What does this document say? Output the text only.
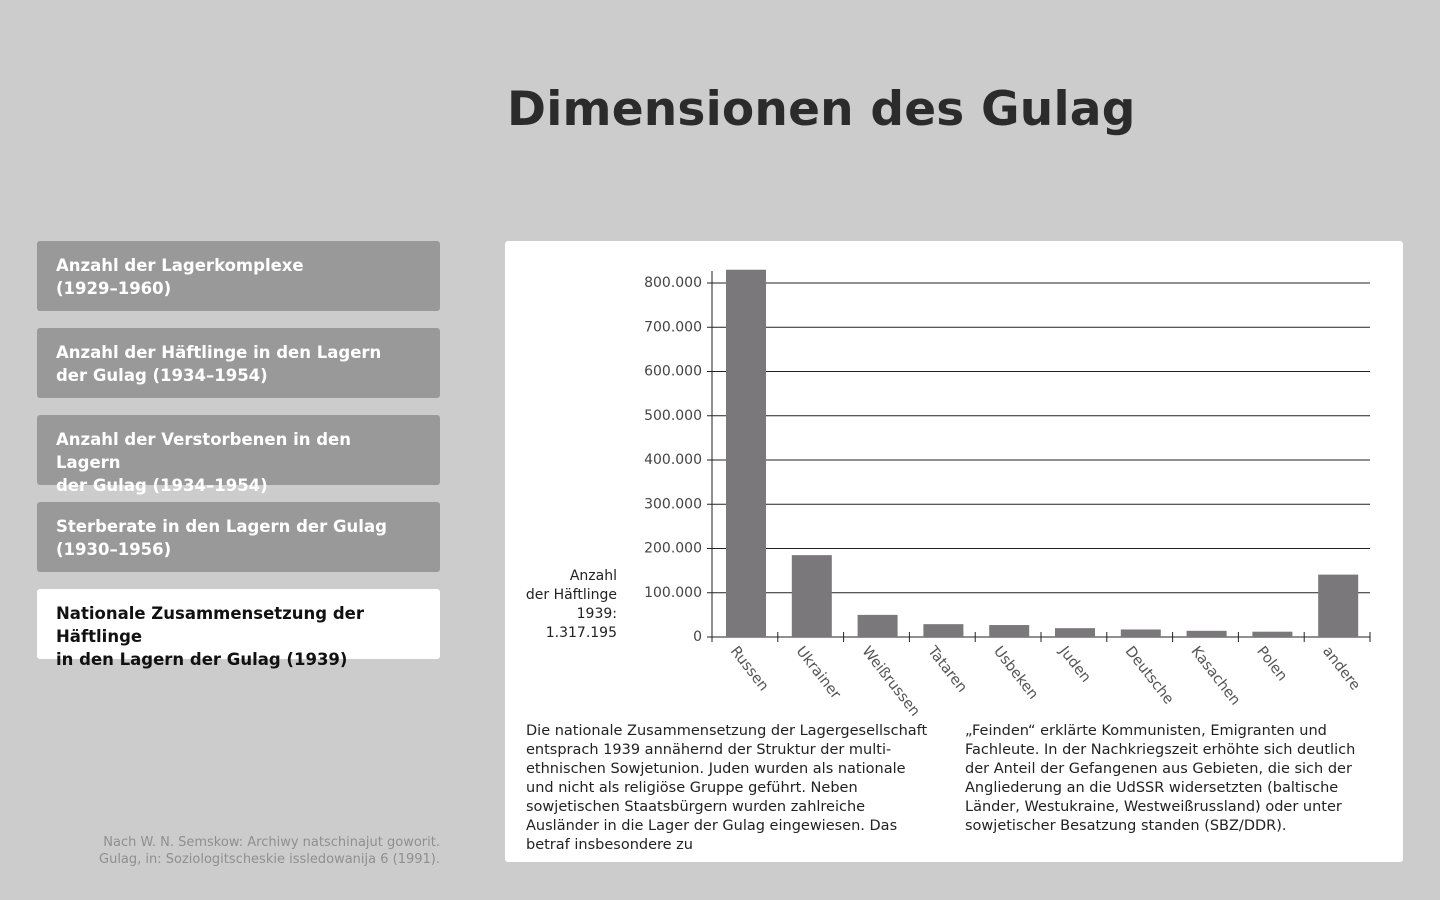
Dimensionen des Gulag
Anzahl der Lagerkomplexe
(1929–1960)
Anzahl der Häftlinge in den Lagern
der Gulag (1934–1954)
Anzahl der Verstorbenen in den Lagern
der Gulag (1934–1954)
Sterberate in den Lagern der Gulag
(1930–1956)
Nationale Zusammensetzung der Häftlinge
in den Lagern der Gulag (1939)
Nach W. N. Semskow: Archiwy natschinajut goworit.
Gulag, in: Soziologitscheskie issledowanija 6 (1991).
Anzahl
der Häftlinge
1939:
1.317.195	0
100.000
200.000
300.000
400.000
500.000
600.000
700.000
800.000
Russen Ukrainer Weißrussen Tataren Usbeken Juden Deutsche Kasachen Polen andere
Die nationale Zusammensetzung der Lagergesellschaft entsprach 1939 annähernd der Struktur der multi-ethnischen Sowjetunion. Juden wurden als nationale und nicht als religiöse Gruppe geführt. Neben sowjetischen Staatsbürgern wurden zahlreiche Ausländer in die Lager der Gulag eingewiesen. Das betraf insbesondere zu
„Feinden“ erklärte Kommunisten, Emigranten und Fachleute. In der Nachkriegszeit erhöhte sich deutlich der Anteil der Gefangenen aus Gebieten, die sich der Angliederung an die UdSSR widersetzten (baltische Länder, Westukraine, Westweißrussland) oder unter sowjetischer Besatzung standen (SBZ/DDR).
